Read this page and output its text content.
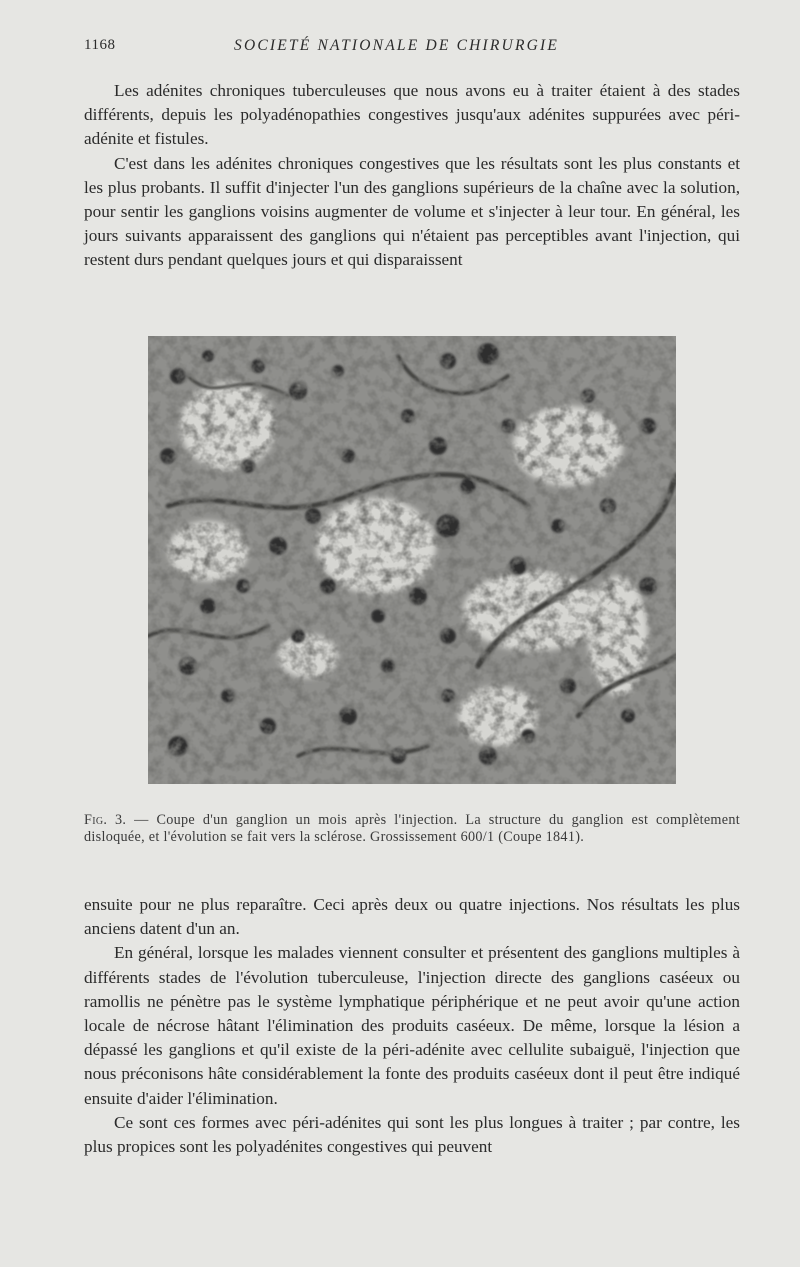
1168	SOCIETÉ NATIONALE DE CHIRURGIE

Les adénites chroniques tuberculeuses que nous avons eu à traiter étaient à des stades différents, depuis les polyadénopathies congestives jusqu'aux adénites suppurées avec péri-adénite et fistules.

C'est dans les adénites chroniques congestives que les résultats sont les plus constants et les plus probants. Il suffit d'injecter l'un des ganglions supérieurs de la chaîne avec la solution, pour sentir les ganglions voisins augmenter de volume et s'injecter à leur tour. En général, les jours suivants apparaissent des ganglions qui n'étaient pas perceptibles avant l'injection, qui restent durs pendant quelques jours et qui disparaissent

Fig. 3. — Coupe d'un ganglion un mois après l'injection. La structure du ganglion est complètement disloquée, et l'évolution se fait vers la sclérose. Grossissement 600/1 (Coupe 1841).

ensuite pour ne plus reparaître. Ceci après deux ou quatre injections. Nos résultats les plus anciens datent d'un an.

En général, lorsque les malades viennent consulter et présentent des ganglions multiples à différents stades de l'évolution tuberculeuse, l'injection directe des ganglions caséeux ou ramollis ne pénètre pas le système lymphatique périphérique et ne peut avoir qu'une action locale de nécrose hâtant l'élimination des produits caséeux. De même, lorsque la lésion a dépassé les ganglions et qu'il existe de la péri-adénite avec cellulite subaiguë, l'injection que nous préconisons hâte considérablement la fonte des produits caséeux dont il peut être indiqué ensuite d'aider l'élimination.

Ce sont ces formes avec péri-adénites qui sont les plus longues à traiter ; par contre, les plus propices sont les polyadénites congestives qui peuvent
